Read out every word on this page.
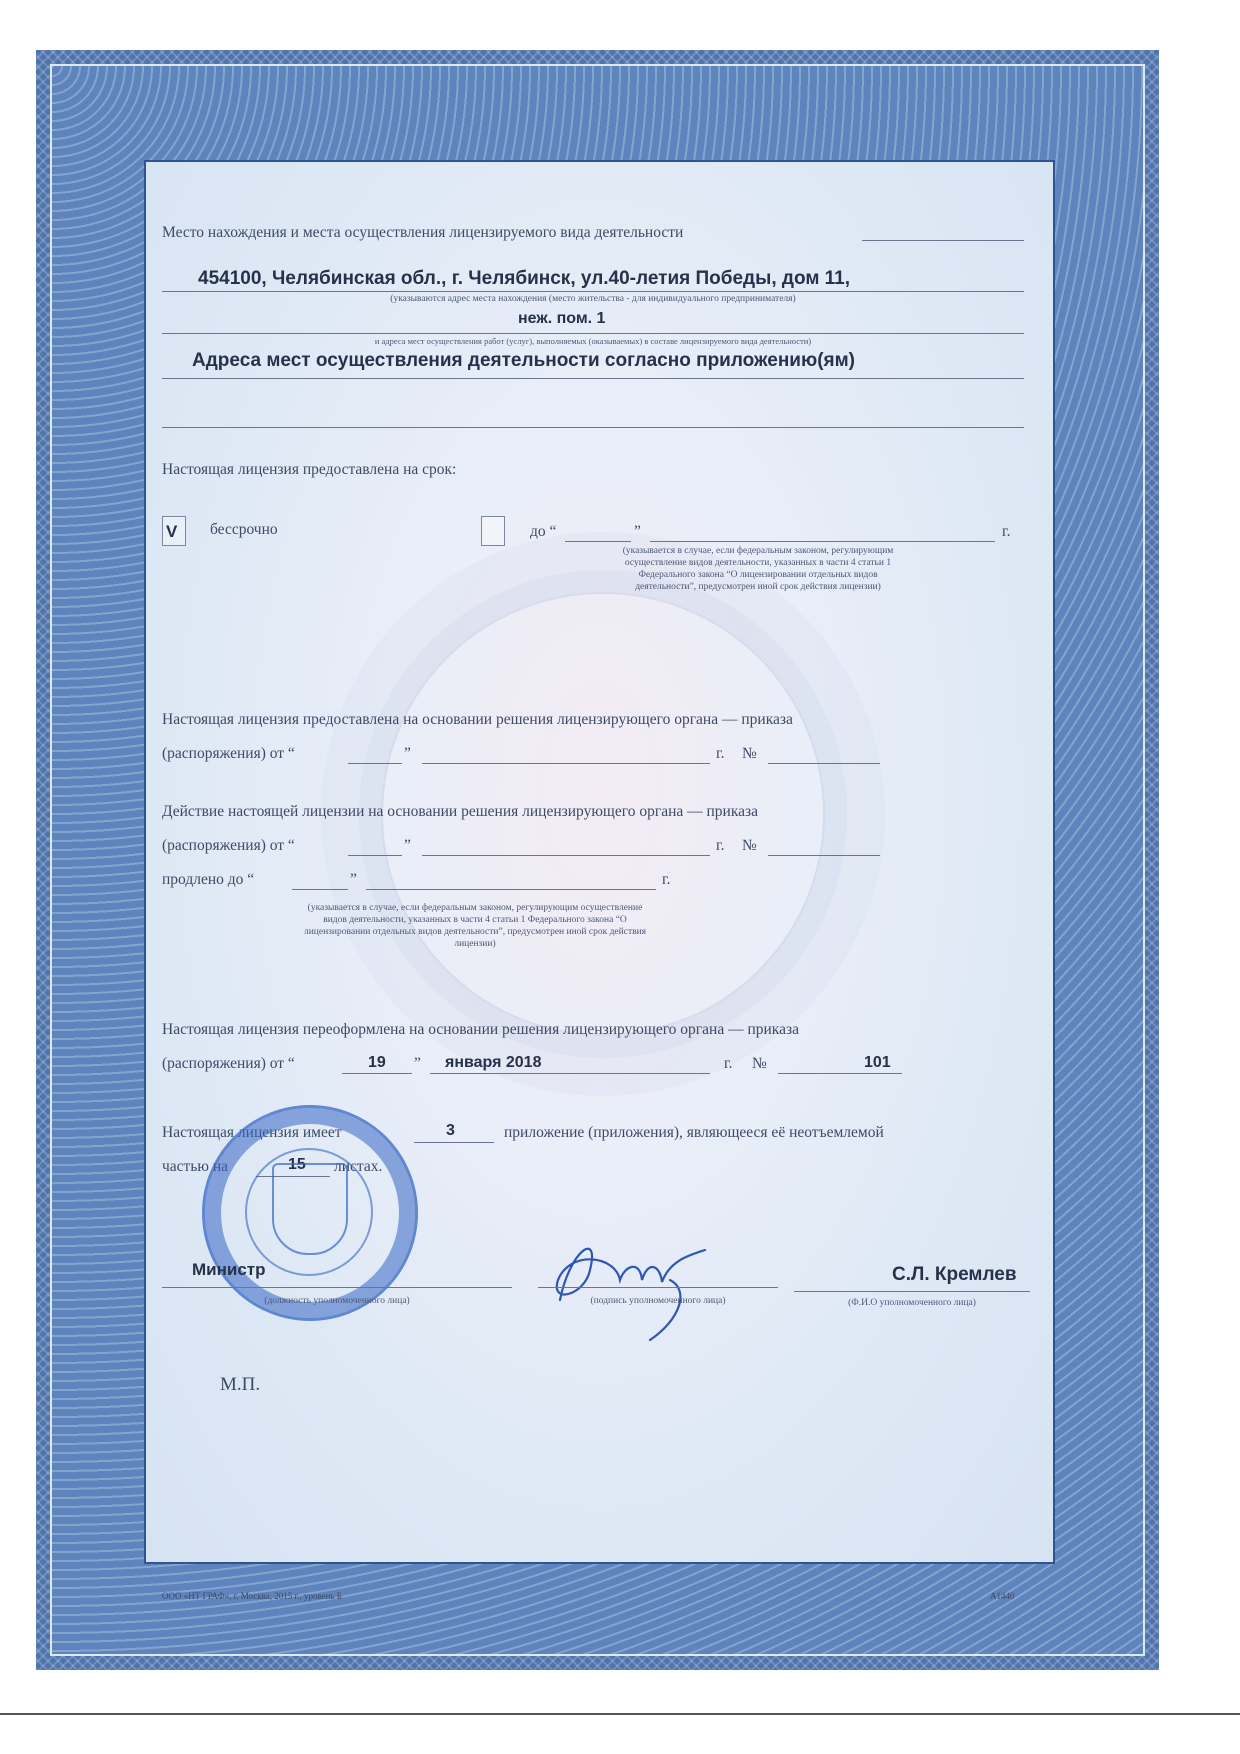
Место нахождения и места осуществления лицензируемого вида деятельности
454100, Челябинская обл., г. Челябинск, ул.40-летия Победы, дом 11,
(указываются адрес места нахождения (место жительства - для индивидуального предпринимателя)
неж. пом. 1
и адреса мест осуществления работ (услуг), выполняемых (оказываемых) в составе лицензируемого вида деятельности)
Адреса мест осуществления деятельности согласно приложению(ям)
Настоящая лицензия предоставлена на срок:
V бессрочно	до “	”	г.
(указывается в случае, если федеральным законом, регулирующим осуществление видов деятельности, указанных в части 4 статьи 1 Федерального закона “О лицензировании отдельных видов деятельности”, предусмотрен иной срок действия лицензии)
Настоящая лицензия предоставлена на основании решения лицензирующего органа — приказа
(распоряжения) от “	”	г. №
Действие настоящей лицензии на основании решения лицензирующего органа — приказа
(распоряжения) от “	”	г. №
продлено до “	”	г.
(указывается в случае, если федеральным законом, регулирующим осуществление видов деятельности, указанных в части 4 статьи 1 Федерального закона “О лицензировании отдельных видов деятельности”, предусмотрен иной срок действия лицензии)
Настоящая лицензия переоформлена на основании решения лицензирующего органа — приказа
(распоряжения) от “	19 ” января 2018	г. №	101
Настоящая лицензия имеет	3	приложение (приложения), являющееся её неотъемлемой
частью на	15 листах.
Министр
(должность уполномоченного лица)	(подпись уполномоченного лица)
С.Л. Кремлев
(Ф.И.О уполномоченного лица)
М.П.
ООО «НТ ГРАФ», г. Москва, 2015 г., уровень Б	А1440
